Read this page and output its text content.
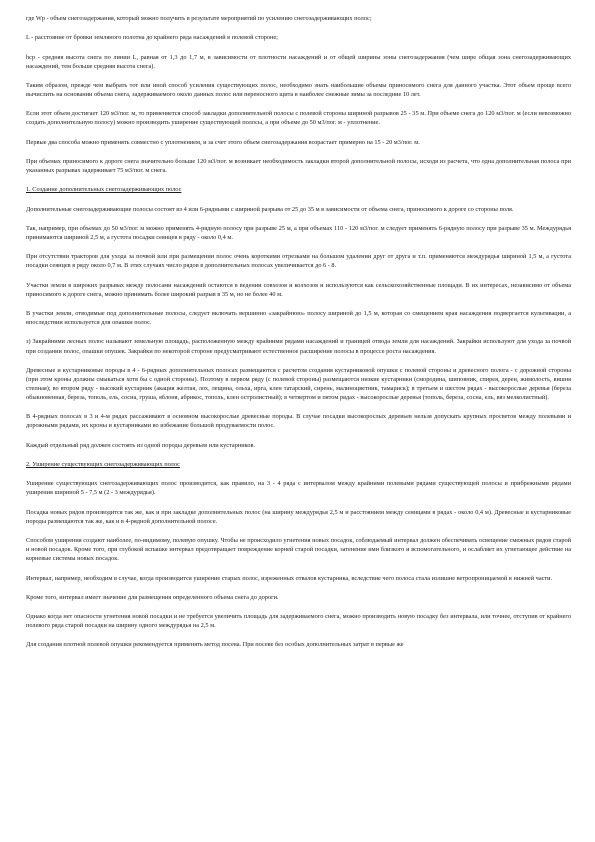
где Wp - объем снегозадержания, который можно получить в результате мероприятий по усилению снегозадерживающих полос;

L - расстояние от бровки земляного полотна до крайнего ряда насаждений в полевой стороне;

hср - средняя высота снега по линии L, равная от 1,3 до 1,7 м, в зависимости от плотности насаждений и от общей ширины зоны снегозадержания (чем шире общая зона снегозадерживающих насаждений, тем больше средняя высота снега).

Таким образом, прежде чем выбрать тот или иной способ усиления существующих полос, необходимо знать наибольшие объемы приносимого снега для данного участка. Этот объем проще всего вычислить на основании объема снега, задерживаемого около данных полос или переносного щита в наиболее снежные зимы за последние 10 лет.

Если этот объем достигает 120 м3/пог. м, то применяется способ закладки дополнительной полосы с полевой стороны шириной разрывов 25 - 35 м. При объеме снега до 120 м3/пог. м (если невозможно создать дополнительную полосу) можно производить уширение существующей полосы, а при объеме до 50 м3/пог. м - уплотнение.

Первые два способа можно применять совместно с уплотнением, и за счет этого объем снегозадержания возрастает примерно на 15 - 20 м3/пог. м.

При объемах приносимого к дороге снега значительно больше 120 м3/пог. м возникает необходимость закладки второй дополнительной полосы, исходя из расчета, что одна дополнительная полоса при указанных разрывах задерживает 75 м3/пог. м снега.

1. Создание дополнительных снегозадерживающих полос

Дополнительные снегозадерживающие полосы состоят из 4 или 6-рядными с шириной разрыва от 25 до 35 м в зависимости от объема снега, приносимого к дороге со стороны поля.

Так, например, при объемах до 50 м3/пог. м можно применять 4-рядную полосу при разрыве 25 м, а при объемах 110 - 120 м3/пог. м следует применять 6-рядную полосу при разрыве 35 м. Междурядья принимаются шириной 2,5 м, а густота посадки сеянцев в ряду - около 0,4 м.

При отсутствии тракторов для ухода за почвой или при размещении полос очень короткими отрезками на большом удалении друг от друга и т.п. применяются междурядья шириной 1,5 м, а густота посадки сеянцев в ряду около 0,7 м. В этих случаях число рядов в дополнительных полосах увеличивается до 6 - 8.

Участки земли в широких разрывах между полосами насаждений остаются в ведении совхозов и колхозов и используются как сельскохозяйственные площади. В их интересах, независимо от объема приносимого к дороге снега, можно принимать более широкий разрыв в 35 м, но не более 40 м.

В участки земли, отводимые под дополнительные полосы, следует включать вершинно «закрайнюю» полосу шириной до 1,5 м, которая со смещением края насаждения подвергается культивации, а впоследствии используется для опашки полос.

з) Закрайними лесных полос называют земельную площадь, расположенную между крайними рядами насаждений и границей отвода земли для насаждений. Закрайки используют для ухода за почвой при создании полос, опашки опушек. Закрайки по некоторой стороне предусматривают естественное расширение полосы в процессе роста насаждения.

Древесные и кустарниковые породы в 4 - 6-рядных дополнительных полосах размещаются с расчетом создания кустарниковой опушки с полевой стороны и древесного полога - с дорожной стороны (при этом кроны должны смыкаться хотя бы с одной стороны). Поэтому в первом ряду (с полевой стороны) размещаются низкие кустарники (смородина, шиповник, спирея, дерен, жимолость, вишня степная); во втором ряду - высокий кустарник (акация желтая, лох, лещина, ольха, ирга, клен татарский, сирень, малиноцветник, тамариск); в третьем и шестом рядах - высокорослые деревья (береза обыкновенная, береза, тополь, ель, сосна, груша, яблоня, абрикос, тополь, клен остролистный); в четвертом и пятом рядах - высокорослые деревья (тополь, береза, сосна, ель, вяз мелколистный).

В 4-рядных полосах в 3 и 4-м рядах рассаживают в основном высокорослые древесные породы. В случае посадки высокорослых деревьев нельзя допускать крупных просветов между полевыми и дорожными рядами, их кроны и кустарниками во избежание большой продуваемости полос.

Каждый отдельный ряд должен состоять из одной породы деревьев или кустарников.

2. Уширение существующих снегозадерживающих полос

Уширение существующих снегозадерживающих полос производится, как правило, на 3 - 4 ряда с интервалом между крайними полевыми рядами существующей полосы и прибрежными рядами уширения шириной 5 - 7,5 м (2 - 3 междурядья).

Посадка новых рядов производится так же, как и при закладке дополнительных полос (на ширину междурядья 2,5 м и расстоянием между сеянцами в рядах - около 0,4 м). Древесные и кустарниковые породы размещаются так же, как и в 4-рядной дополнительной полосе.

Способом уширения создают наиболее, по-видимому, полевую опушку. Чтобы не происходило угнетения новых посадок, соблюдаемый интервал должен обеспечивать освещение смежных рядов старой и новой посадок. Кроме того, при глубокой вспашке интервал предотвращает повреждение корней старой посадки, затенение ими близкого и вспомогательного, и ослабляет их угнетающее действие на корневые системы новых посадок.

Интервал, например, необходим в случае, когда производится уширение старых полос, изреженных отвалов кустарника, вследствие чего полоса стала излишне ветропроницаемой в нижней части.

Кроме того, интервал имеет значение для размещения определенного объема снега до дороги.

Однако когда нет опасности угнетения новой посадки и не требуется увеличить площадь для задерживаемого снега, можно производить новую посадку без интервала, или точнее, отступив от крайнего полевого ряда старой посадки на ширину одного междурядья на 2,5 м.

Для создания плотной полевой опушки рекомендуется применять метод посева. При посеве без особых дополнительных затрат в первые же
